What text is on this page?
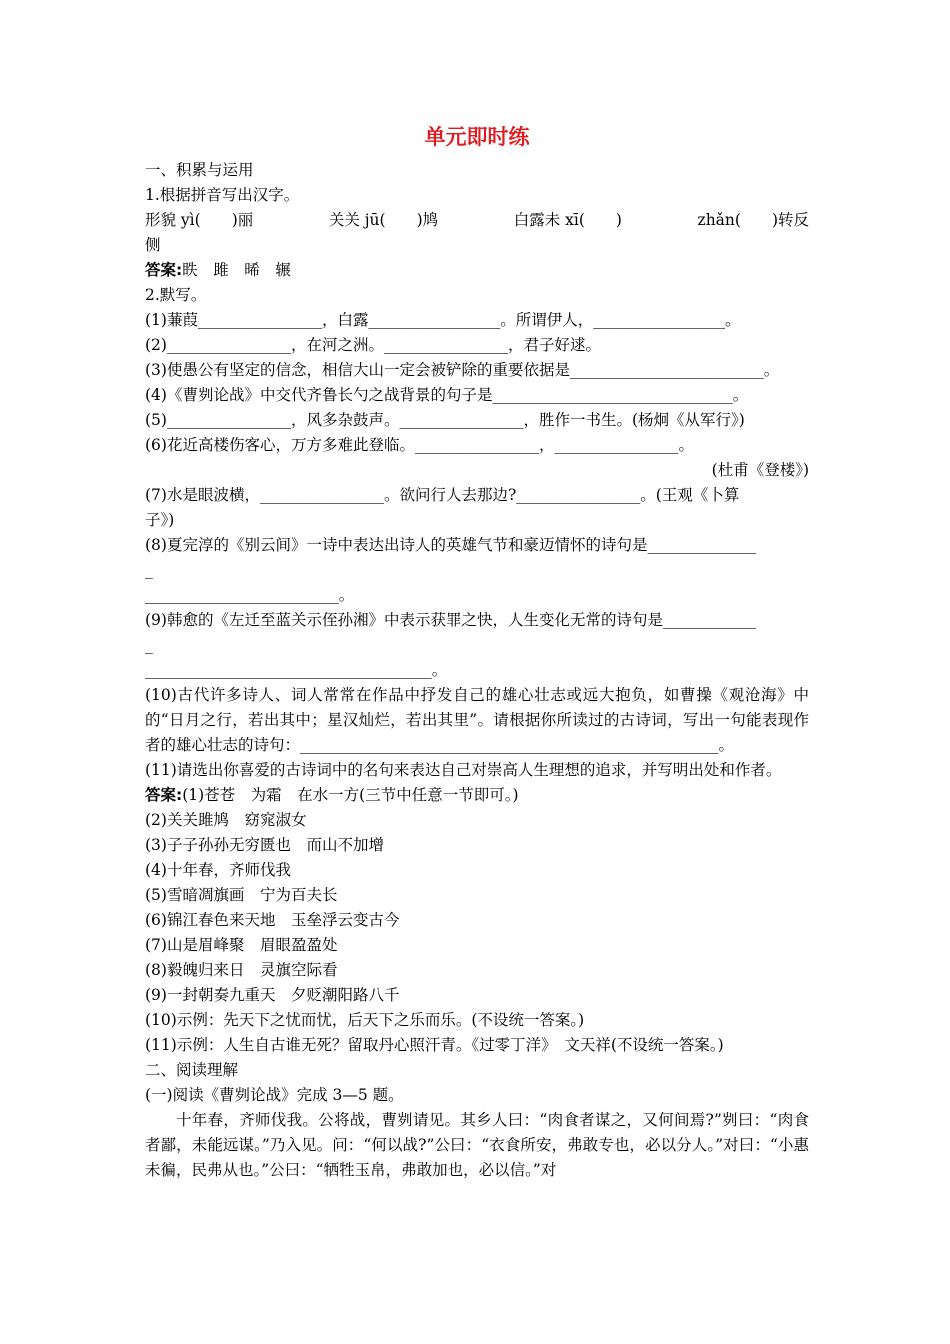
单元即时练
一、积累与运用
1.根据拼音写出汉字。
形貌 yì(　　)丽	关关 jū(　　)鸠	白露未 xī(　　)	zhǎn(　　)转反
侧
答案:眣　雎　晞　辗
2.默写。
(1)蒹葭________________，白露_________________。所谓伊人，_________________。
(2)________________，在河之洲。________________，君子好逑。
(3)使愚公有坚定的信念，相信大山一定会被铲除的重要依据是_________________________。
(4)《曹刿论战》中交代齐鲁长勺之战背景的句子是_______________________________。
(5)________________，风多杂鼓声。________________，胜作一书生。(杨炯《从军行》)
(6)花近高楼伤客心，万方多难此登临。________________，________________。
(杜甫《登楼》)
(7)水是眼波横，________________。欲问行人去那边?________________。(王观《卜算
子》)
(8)夏完淳的《别云间》一诗中表达出诗人的英雄气节和豪迈情怀的诗句是______________
_
_________________________。
(9)韩愈的《左迁至蓝关示侄孙湘》中表示获罪之快，人生变化无常的诗句是____________
_
_____________________________________。
(10)古代许多诗人、词人常常在作品中抒发自己的雄心壮志或远大抱负，如曹操《观沧海》中的“日月之行，若出其中；星汉灿烂，若出其里”。请根据你所读过的古诗词，写出一句能表现作者的雄心壮志的诗句：______________________________________________________。
(11)请选出你喜爱的古诗词中的名句来表达自己对崇高人生理想的追求，并写明出处和作者。
答案:(1)苍苍　为霜　在水一方(三节中任意一节即可。)
(2)关关雎鸠　窈窕淑女
(3)子子孙孙无穷匮也　而山不加增
(4)十年春，齐师伐我
(5)雪暗凋旗画　宁为百夫长
(6)锦江春色来天地　玉垒浮云变古今
(7)山是眉峰聚　眉眼盈盈处
(8)毅魄归来日　灵旗空际看
(9)一封朝奏九重天　夕贬潮阳路八千
(10)示例：先天下之忧而忧，后天下之乐而乐。(不设统一答案。)
(11)示例：人生自古谁无死？留取丹心照汗青。《过零丁洋》　文天祥(不设统一答案。)
二、阅读理解
(一)阅读《曹刿论战》完成 3—5 题。
十年春，齐师伐我。公将战，曹刿请见。其乡人曰：“肉食者谋之，又何间焉?”刿曰：“肉食者鄙，未能远谋。”乃入见。问：“何以战?”公曰：“衣食所安，弗敢专也，必以分人。”对曰：“小惠未徧，民弗从也。”公曰：“牺牲玉帛，弗敢加也，必以信。”对
